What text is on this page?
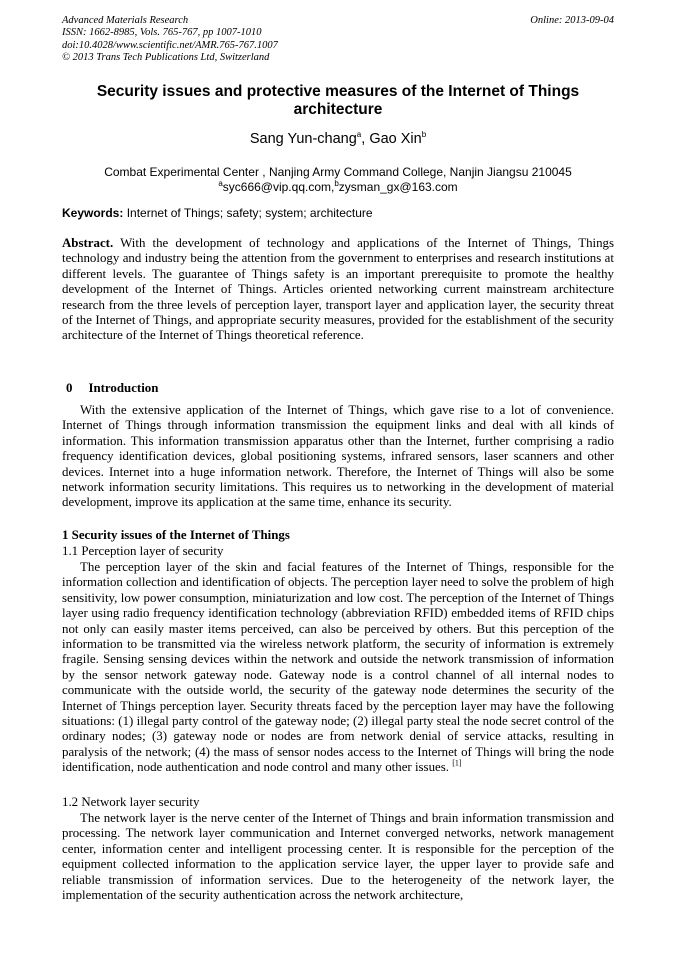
Advanced Materials Research
ISSN: 1662-8985, Vols. 765-767, pp 1007-1010
doi:10.4028/www.scientific.net/AMR.765-767.1007
© 2013 Trans Tech Publications Ltd, Switzerland
Online: 2013-09-04
Security issues and protective measures of the Internet of Things architecture
Sang Yun-chang$^a$, Gao Xin$^b$
Combat Experimental Center , Nanjing Army Command College, Nanjin Jiangsu 210045
$^a$syc666@vip.qq.com,$^b$zysman_gx@163.com
Keywords: Internet of Things; safety; system; architecture
Abstract. With the development of technology and applications of the Internet of Things, Things technology and industry being the attention from the government to enterprises and research institutions at different levels. The guarantee of Things safety is an important prerequisite to promote the healthy development of the Internet of Things. Articles oriented networking current mainstream architecture research from the three levels of perception layer, transport layer and application layer, the security threat of the Internet of Things, and appropriate security measures, provided for the establishment of the security architecture of the Internet of Things theoretical reference.
0 Introduction
With the extensive application of the Internet of Things, which gave rise to a lot of convenience. Internet of Things through information transmission the equipment links and deal with all kinds of information. This information transmission apparatus other than the Internet, further comprising a radio frequency identification devices, global positioning systems, infrared sensors, laser scanners and other devices. Internet into a huge information network. Therefore, the Internet of Things will also be some network information security limitations. This requires us to networking in the development of material development, improve its application at the same time, enhance its security.
1 Security issues of the Internet of Things
1.1 Perception layer of security
The perception layer of the skin and facial features of the Internet of Things, responsible for the information collection and identification of objects. The perception layer need to solve the problem of high sensitivity, low power consumption, miniaturization and low cost. The perception of the Internet of Things layer using radio frequency identification technology (abbreviation RFID) embedded items of RFID chips not only can easily master items perceived, can also be perceived by others. But this perception of the information to be transmitted via the wireless network platform, the security of information is extremely fragile. Sensing sensing devices within the network and outside the network transmission of information by the sensor network gateway node. Gateway node is a control channel of all internal nodes to communicate with the outside world, the security of the gateway node determines the security of the Internet of Things perception layer. Security threats faced by the perception layer may have the following situations: (1) illegal party control of the gateway node; (2) illegal party steal the node secret control of the ordinary nodes; (3) gateway node or nodes are from network denial of service attacks, resulting in paralysis of the network; (4) the mass of sensor nodes access to the Internet of Things will bring the node identification, node authentication and node control and many other issues. [1]
1.2 Network layer security
The network layer is the nerve center of the Internet of Things and brain information transmission and processing. The network layer communication and Internet converged networks, network management center, information center and intelligent processing center. It is responsible for the perception of the equipment collected information to the application service layer, the upper layer to provide safe and reliable transmission of information services. Due to the heterogeneity of the network layer, the implementation of the security authentication across the network architecture,
